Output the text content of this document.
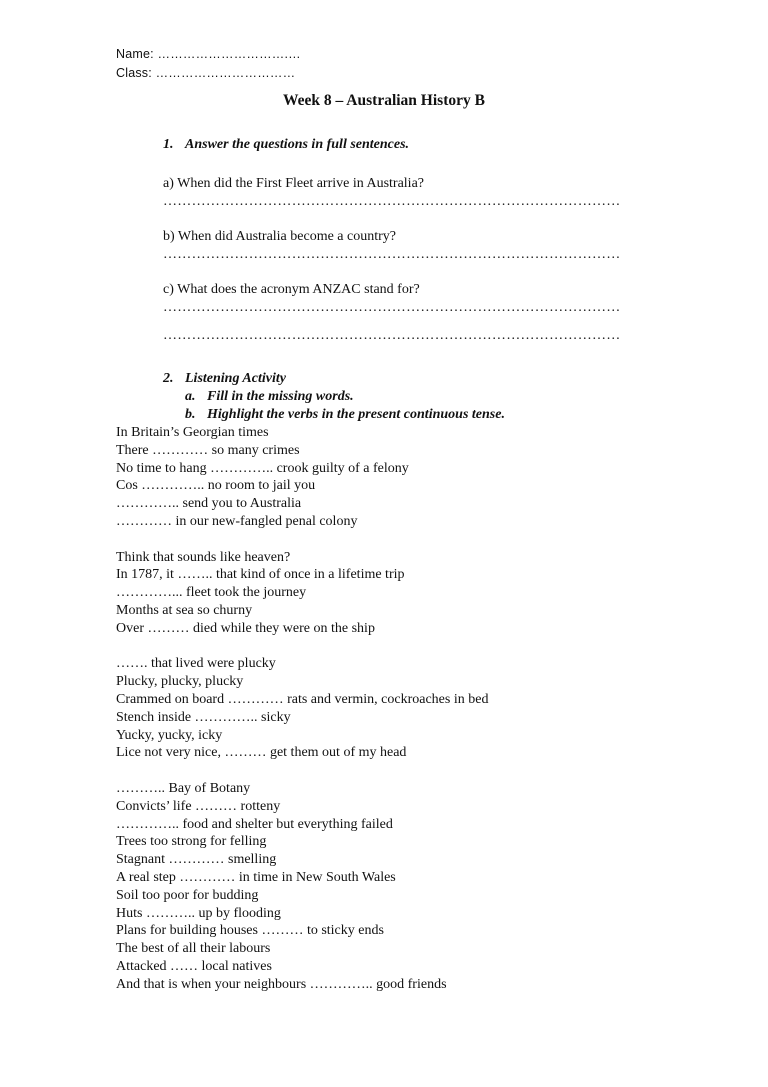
Name: ………………………….…
Class: ……………………………
Week 8 – Australian History B
1. Answer the questions in full sentences.
a) When did the First Fleet arrive in Australia?
……………………………………………………………………………………
b) When did Australia become a country?
……………………………………………………………………………………
c) What does the acronym ANZAC stand for?
……………………………………………………………………………………
……………………………………………………………………………………
2. Listening Activity
a. Fill in the missing words.
b. Highlight the verbs in the present continuous tense.
In Britain’s Georgian times
There ………… so many crimes
No time to hang ………….. crook guilty of a felony
Cos ………….. no room to jail you
………….. send you to Australia
………… in our new-fangled penal colony
Think that sounds like heaven?
In 1787, it …….. that kind of once in a lifetime trip
…………... fleet took the journey
Months at sea so churny
Over ……… died while they were on the ship
……. that lived were plucky
Plucky, plucky, plucky
Crammed on board ………… rats and vermin, cockroaches in bed
Stench inside ………….. sicky
Yucky, yucky, icky
Lice not very nice, ……… get them out of my head
……….. Bay of Botany
Convicts’ life ……… rotteny
………….. food and shelter but everything failed
Trees too strong for felling
Stagnant ………… smelling
A real step ………… in time in New South Wales
Soil too poor for budding
Huts ……….. up by flooding
Plans for building houses ……… to sticky ends
The best of all their labours
Attacked …… local natives
And that is when your neighbours ………….. good friends
